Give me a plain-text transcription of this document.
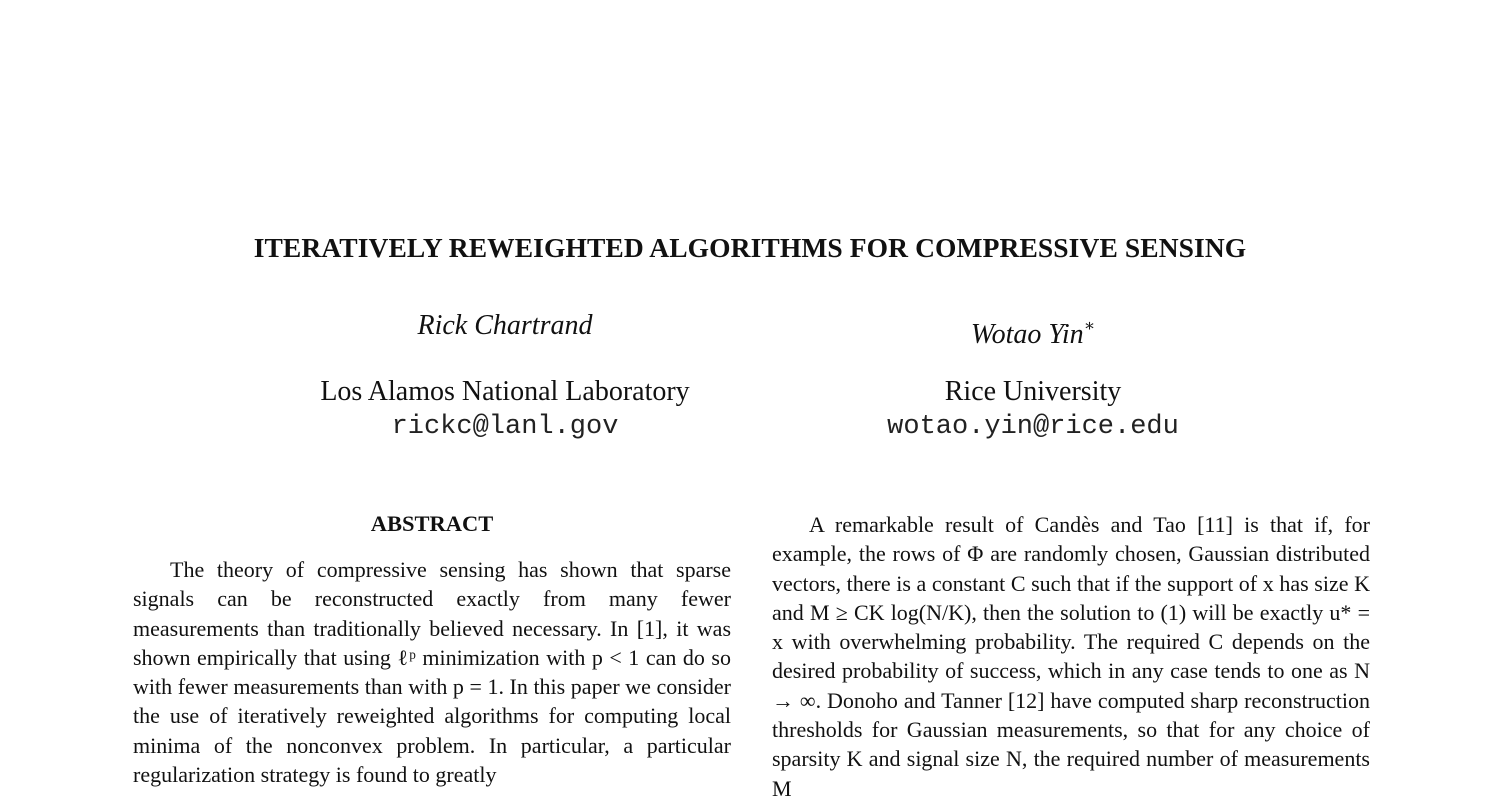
ITERATIVELY REWEIGHTED ALGORITHMS FOR COMPRESSIVE SENSING
Rick Chartrand
Los Alamos National Laboratory
rickc@lanl.gov
Wotao Yin∗
Rice University
wotao.yin@rice.edu
ABSTRACT

The theory of compressive sensing has shown that sparse signals can be reconstructed exactly from many fewer measurements than traditionally believed necessary. In [1], it was shown empirically that using ℓᵖ minimization with p < 1 can do so with fewer measurements than with p = 1. In this paper we consider the use of iteratively reweighted algorithms for computing local minima of the nonconvex problem. In particular, a particular regularization strategy is found to greatly

A remarkable result of Candès and Tao [11] is that if, for example, the rows of Φ are randomly chosen, Gaussian distributed vectors, there is a constant C such that if the support of x has size K and M ≥ CK log(N/K), then the solution to (1) will be exactly u* = x with overwhelming probability. The required C depends on the desired probability of success, which in any case tends to one as N → ∞. Donoho and Tanner [12] have computed sharp reconstruction thresholds for Gaussian measurements, so that for any choice of sparsity K and signal size N, the required number of measurements M
